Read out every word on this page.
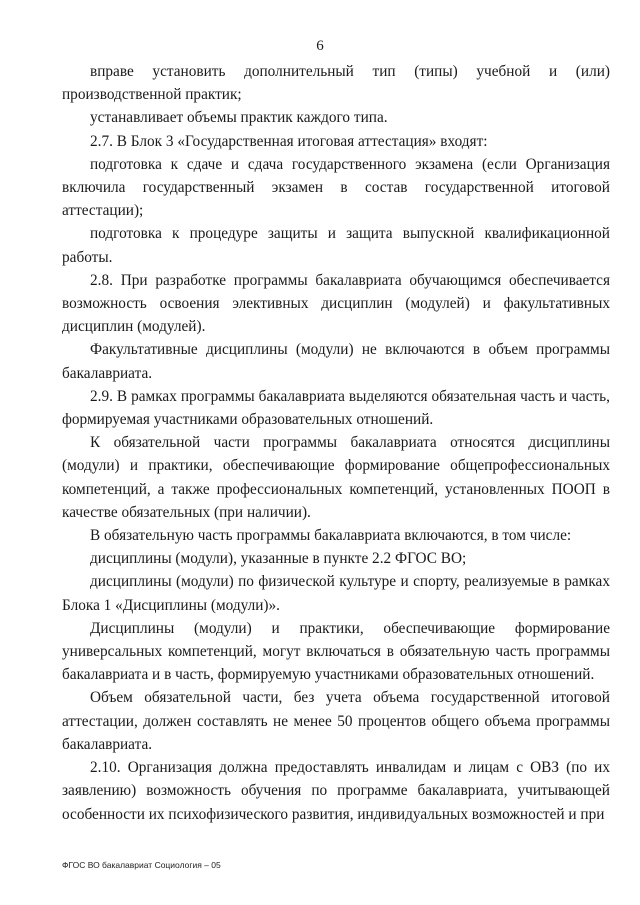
6

вправе установить дополнительный тип (типы) учебной и (или) производственной практик;

устанавливает объемы практик каждого типа.

2.7. В Блок 3 «Государственная итоговая аттестация» входят:

подготовка к сдаче и сдача государственного экзамена (если Организация включила государственный экзамен в состав государственной итоговой аттестации);

подготовка к процедуре защиты и защита выпускной квалификационной работы.

2.8. При разработке программы бакалавриата обучающимся обеспечивается возможность освоения элективных дисциплин (модулей) и факультативных дисциплин (модулей).

Факультативные дисциплины (модули) не включаются в объем программы бакалавриата.

2.9. В рамках программы бакалавриата выделяются обязательная часть и часть, формируемая участниками образовательных отношений.

К обязательной части программы бакалавриата относятся дисциплины (модули) и практики, обеспечивающие формирование общепрофессиональных компетенций, а также профессиональных компетенций, установленных ПООП в качестве обязательных (при наличии).

В обязательную часть программы бакалавриата включаются, в том числе:

дисциплины (модули), указанные в пункте 2.2 ФГОС ВО;

дисциплины (модули) по физической культуре и спорту, реализуемые в рамках Блока 1 «Дисциплины (модули)».

Дисциплины (модули) и практики, обеспечивающие формирование универсальных компетенций, могут включаться в обязательную часть программы бакалавриата и в часть, формируемую участниками образовательных отношений.

Объем обязательной части, без учета объема государственной итоговой аттестации, должен составлять не менее 50 процентов общего объема программы бакалавриата.

2.10. Организация должна предоставлять инвалидам и лицам с ОВЗ (по их заявлению) возможность обучения по программе бакалавриата, учитывающей особенности их психофизического развития, индивидуальных возможностей и при

ФГОС ВО бакалавриат Социология – 05
